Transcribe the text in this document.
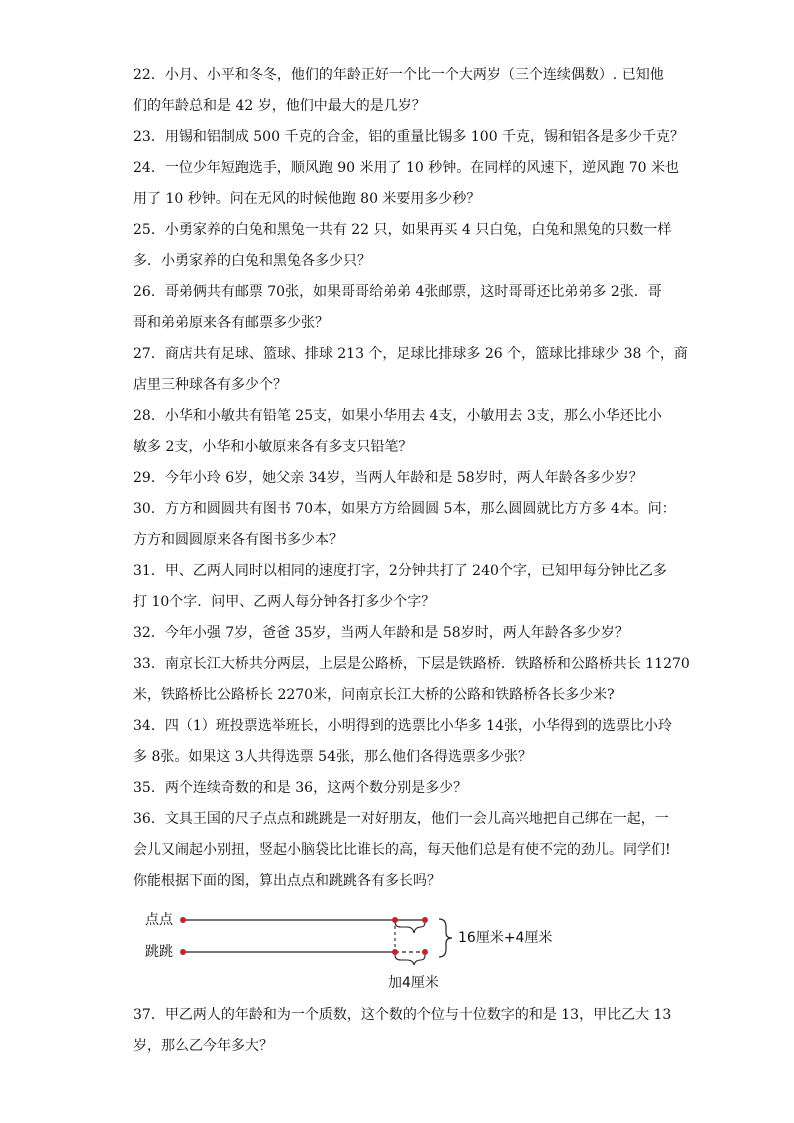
22．小月、小平和冬冬，他们的年龄正好一个比一个大两岁（三个连续偶数）. 已知他

们的年龄总和是 42 岁，他们中最大的是几岁？

23．用锡和铝制成 500 千克的合金，铝的重量比锡多 100 千克，锡和铝各是多少千克？

24．一位少年短跑选手，顺风跑 90 米用了 10 秒钟。在同样的风速下，逆风跑 70 米也

用了 10 秒钟。问在无风的时候他跑 80 米要用多少秒？

25．小勇家养的白兔和黑兔一共有 22 只，如果再买 4 只白兔，白兔和黑兔的只数一样

多．小勇家养的白兔和黑兔各多少只？

26．哥弟俩共有邮票 70张，如果哥哥给弟弟 4张邮票，这时哥哥还比弟弟多 2张．哥

哥和弟弟原来各有邮票多少张？

27．商店共有足球、篮球、排球 213 个，足球比排球多 26 个，篮球比排球少 38 个，商

店里三种球各有多少个？

28．小华和小敏共有铅笔 25支，如果小华用去 4支，小敏用去 3支，那么小华还比小

敏多 2支，小华和小敏原来各有多支只铅笔？

29．今年小玲 6岁，她父亲 34岁，当两人年龄和是 58岁时，两人年龄各多少岁？

30．方方和圆圆共有图书 70本，如果方方给圆圆 5本，那么圆圆就比方方多 4本。问：

方方和圆圆原来各有图书多少本？

31．甲、乙两人同时以相同的速度打字，2分钟共打了 240个字，已知甲每分钟比乙多

打 10个字．问甲、乙两人每分钟各打多少个字？

32．今年小强 7岁，爸爸 35岁，当两人年龄和是 58岁时，两人年龄各多少岁？

33．南京长江大桥共分两层，上层是公路桥，下层是铁路桥．铁路桥和公路桥共长 11270

米，铁路桥比公路桥长 2270米，问南京长江大桥的公路和铁路桥各长多少米?

34．四（1）班投票选举班长，小明得到的选票比小华多 14张，小华得到的选票比小玲

多 8张。如果这 3人共得选票 54张，那么他们各得选票多少张？

35．两个连续奇数的和是 36，这两个数分别是多少？

36．文具王国的尺子点点和跳跳是一对好朋友，他们一会儿高兴地把自己绑在一起，一

会儿又闹起小别扭，竖起小脑袋比比谁长的高，每天他们总是有使不完的劲儿。同学们!

你能根据下面的图，算出点点和跳跳各有多长吗？

点点
跳跳
16厘米+4厘米
加4厘米

37．甲乙两人的年龄和为一个质数，这个数的个位与十位数字的和是 13，甲比乙大 13

岁，那么乙今年多大？
